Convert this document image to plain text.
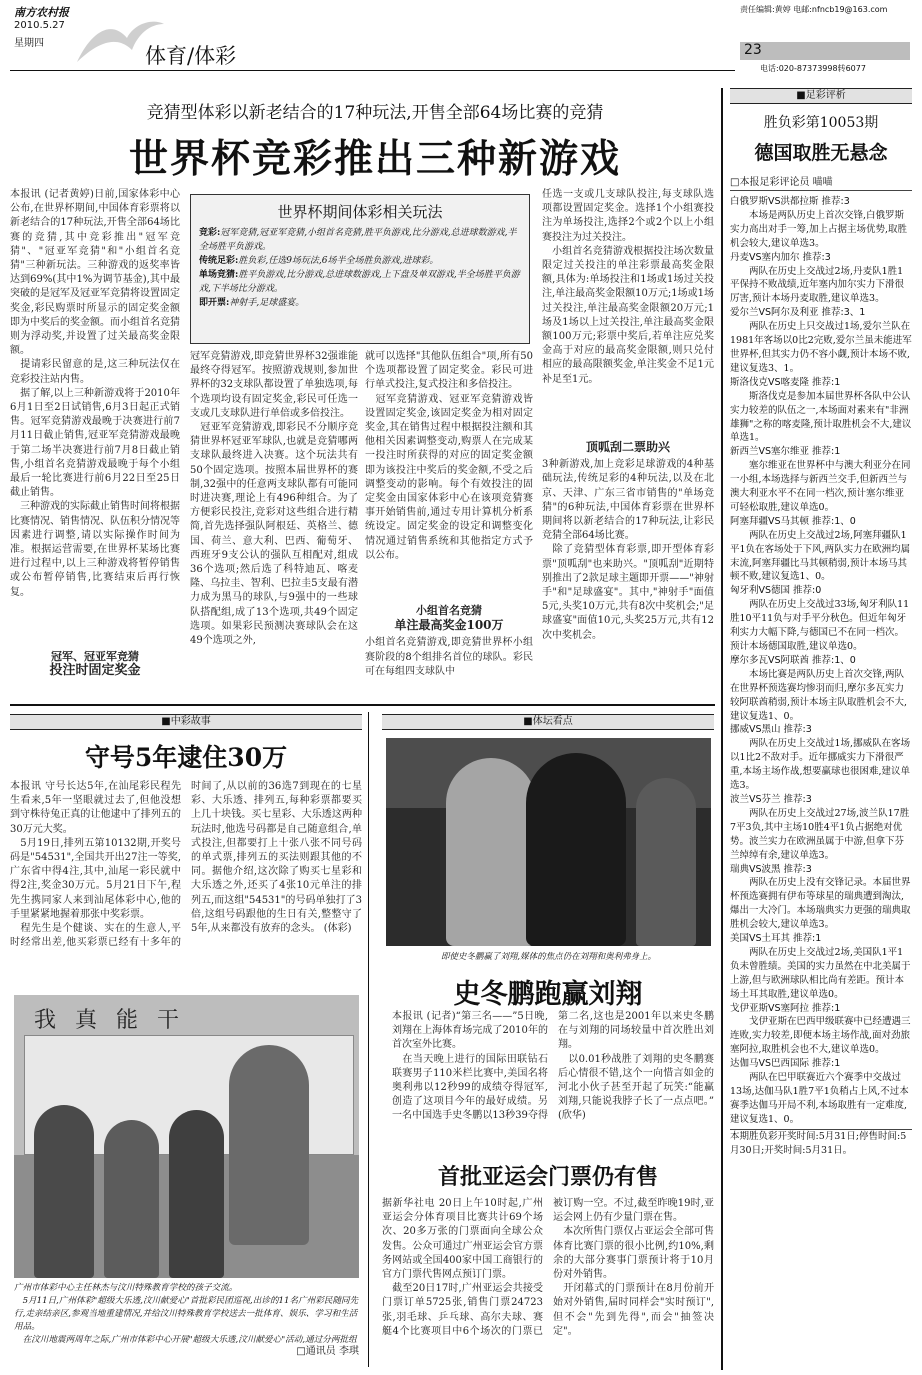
南方农村报
2010.5.27
星期四
体育/体彩
责任编辑:黄婷 电邮:nfncb19@163.com
23
电话:020-87373998转6077
竞猜型体彩以新老结合的17种玩法,开售全部64场比赛的竞猜
世界杯竞彩推出三种新游戏
本报讯 (记者黄婷)日前,国家体彩中心公布,在世界杯期间,中国体育彩票将以新老结合的17种玩法,开售全部64场比赛的竞猜,其中竞彩推出"冠军竞猜"、"冠亚军竞猜"和"小组首名竞猜"三种新玩法。三种游戏的返奖率皆达到69%(其中1%为调节基金),其中最突破的是冠军及冠亚军竞猜将设置固定奖金,彩民购票时所显示的固定奖金额即为中奖后的奖金额。而小组首名竞猜则为浮动奖,并设置了过关最高奖金限额。
　提请彩民留意的是,这三种玩法仅在竞彩投注站内售。
　据了解,以上三种新游戏将于2010年6月1日至2日试销售,6月3日起正式销售。冠军竞猜游戏最晚于决赛进行前7月11日截止销售,冠亚军竞猜游戏最晚于第二场半决赛进行前7月8日截止销售,小组首名竞猜游戏最晚于每个小组最后一轮比赛进行前6月22日至25日截止销售。
　三种游戏的实际截止销售时间将根据比赛情况、销售情况、队伍积分情况等因素进行调整,请以实际操作时间为准。根据运营需要,在世界杯某场比赛进行过程中,以上三种游戏将暂停销售或公布暂停销售,比赛结束后再行恢复。
冠军、冠亚军竞猜
投注时固定奖金
世界杯期间体彩相关玩法
竞彩:冠军竞猜,冠亚军竞猜,小组首名竞猜,胜平负游戏,比分游戏,总进球数游戏,半全场胜平负游戏。
传统足彩:胜负彩,任选9场玩法,6场半全场胜负游戏,进球彩。
单场竞猜:胜平负游戏,比分游戏,总进球数游戏,上下盘及单双游戏,半全场胜平负游戏,下半场比分游戏。
即开票:神射手,足球盛宴。
冠军竞猜游戏,即竞猜世界杯32强谁能最终夺得冠军。按照游戏规则,参加世界杯的32支球队都设置了单独选项,每个选项均设有固定奖金,彩民可任选一支或几支球队进行单倍或多倍投注。
　冠亚军竞猜游戏,即彩民不分顺序竞猜世界杯冠亚军球队,也就是竞猜哪两支球队最终进入决赛。这个玩法共有50个固定选项。按照本届世界杯的赛制,32强中的任意两支球队都有可能同时进决赛,理论上有496种组合。为了方便彩民投注,竞彩对这些组合进行精简,首先选择强队阿根廷、英格兰、德国、荷兰、意大利、巴西、葡萄牙、西班牙9支公认的强队互相配对,组成36个选项;然后选了科特迪瓦、喀麦隆、乌拉圭、智利、巴拉圭5支最有潜力成为黑马的球队,与9强中的一些球队搭配组,成了13个选项,共49个固定选项。如果彩民预测决赛球队会在这49个选项之外,
就可以选择"其他队伍组合"项,所有50个选项都设置了固定奖金。彩民可进行单式投注,复式投注和多倍投注。
　冠军竞猜游戏、冠亚军竞猜游戏皆设置固定奖金,该固定奖金为相对固定奖金,其在销售过程中根据投注额和其他相关因素调整变动,购票人在完成某一投注时所获得的对应的固定奖金额即为该投注中奖后的奖金额,不受之后调整变动的影响。每个有效投注的固定奖金由国家体彩中心在该项竞猜赛事开始销售前,通过专用计算机分析系统设定。固定奖金的设定和调整变化情况通过销售系统和其他指定方式予以公布。
小组首名竞猜
单注最高奖金100万
小组首名竞猜游戏,即竞猜世界杯小组赛阶段的8个组排名首位的球队。彩民可在每组四支球队中
任选一支或几支球队投注,每支球队选项都设置固定奖金。选择1个小组赛投注为单场投注,选择2个或2个以上小组赛投注为过关投注。
　小组首名竞猜游戏根据投注场次数量限定过关投注的单注彩票最高奖金限额,具体为:单场投注和1场或1场过关投注,单注最高奖金限额10万元;1场或1场过关投注,单注最高奖金限额20万元;1场及1场以上过关投注,单注最高奖金限额100万元;彩票中奖后,若单注应兑奖金高于对应的最高奖金限额,则只兑付相应的最高限额奖金,单注奖金不足1元补足至1元。
顶呱刮二票助兴
3种新游戏,加上竞彩足球游戏的4种基础玩法,传统足彩的4种玩法,以及在北京、天津、广东三省市销售的"单场竞猜"的6种玩法,中国体育彩票在世界杯期间将以新老结合的17种玩法,让彩民竞猜全部64场比赛。
　除了竞猜型体育彩票,即开型体育彩票"顶呱刮"也来助兴。"顶呱刮"近期特别推出了2款足球主题即开票——"神射手"和"足球盛宴"。其中,"神射手"面值5元,头奖10万元,共有8次中奖机会;"足球盛宴"面值10元,头奖25万元,共有12次中奖机会。
■足彩评析
胜负彩第10053期
德国取胜无悬念
□本报足彩评论员 喵喵
白俄罗斯VS洪都拉斯 推荐:3
本场是两队历史上首次交锋,白俄罗斯实力高出对手一筹,加上占据主场优势,取胜机会较大,建议单选3。
丹麦VS塞内加尔 推荐:3
两队在历史上交战过2场,丹麦队1胜1平保持不败战绩,近年塞内加尔实力下滑很厉害,预计本场丹麦取胜,建议单选3。
爱尔兰VS阿尔及利亚 推荐:3、1
两队在历史上只交战过1场,爱尔兰队在1981年客场以0比2完败,爱尔兰虽未能进军世界杯,但其实力仍不容小觑,预计本场不败,建议复选3、1。
斯洛伐克VS喀麦隆 推荐:1
斯洛伐克是参加本届世界杯各队中公认实力较差的队伍之一,本场面对素来有"非洲雄狮"之称的喀麦隆,预计取胜机会不大,建议单选1。
新西兰VS塞尔维亚 推荐:1
塞尔维亚在世界杯中与澳大利亚分在同一小组,本场选择与新西兰交手,但新西兰与澳大利亚水平不在同一档次,预计塞尔维亚可轻松取胜,建议单选0。
阿塞拜疆VS马其顿 推荐:1、0
两队在历史上交战过2场,阿塞拜疆队1平1负在客场处于下风,两队实力在欧洲均属末流,阿塞拜疆比马其顿稍弱,预计本场马其顿不败,建议复选1、0。
匈牙利VS德国 推荐:0
两队在历史上交战过33场,匈牙利队11胜10平11负与对手平分秋色。但近年匈牙利实力大幅下降,与德国已不在同一档次。预计本场德国取胜,建议单选0。
摩尔多瓦VS阿联酋 推荐:1、0
本场比赛是两队历史上首次交锋,两队在世界杯预选赛均惨羽而归,摩尔多瓦实力较阿联酋稍弱,预计本场主队取胜机会不大,建议复选1、0。
挪威VS黑山 推荐:3
两队在历史上交战过1场,挪威队在客场以1比2不敌对手。近年挪威实力下滑很严重,本场主场作战,想要赢球也很困难,建议单选3。
波兰VS芬兰 推荐:3
两队在历史上交战过27场,波兰队17胜7平3负,其中主场10胜4平1负占据绝对优势。波兰实力在欧洲虽属于中游,但拿下芬兰绰绰有余,建议单选3。
瑞典VS波黑 推荐:3
两队在历史上没有交锋记录。本届世界杯预选赛拥有伊布等球星的瑞典遭到淘汰,爆出一大冷门。本场瑞典实力更强的瑞典取胜机会较大,建议单选3。
美国VS土耳其 推荐:1
两队在历史上交战过2场,美国队1平1负未曾胜绩。美国的实力虽然在中北美属于上游,但与欧洲球队相比尚有差距。预计本场土耳其取胜,建议单选0。
戈伊亚斯VS塞阿拉 推荐:1
戈伊亚斯在巴西甲级联赛中已经遭遇三连败,实力较差,即便本场主场作战,面对劲旅塞阿拉,取胜机会也不大,建议单选0。
达伽马VS巴西国际 推荐:1
两队在巴甲联赛近六个赛季中交战过13场,达伽马队1胜7平1负稍占上风,不过本赛季达伽马开局不利,本场取胜有一定难度,建议复选1、0。
本期胜负彩开奖时间:5月31日;停售时间:5月30日;开奖时间:5月31日。
■中彩故事
守号5年逮住30万
本报讯 守号长达5年,在汕尾彩民程先生看来,5年一坚眼就过去了,但他没想到守株待兔正真的让他逮中了排列五的30万元大奖。
　5月19日,排列五第10132期,开奖号码是"54531",全国共开出27注一等奖,广东省中得4注,其中,汕尾一彩民就中得2注,奖金30万元。5月21日下午,程先生携同家人来到汕尾体彩中心,他的手里紧紧地握着那张中奖彩票。
　程先生是个健谈、实在的生意人,平时经常出差,他买彩票已经有十多年的时间了,从以前的36选7到现在的七星彩、大乐透、排列五,每种彩票都要买上几十块钱。买七星彩、大乐透这两种玩法时,他选号码都是自己随意组合,单式投注,但都要打上十张八张不同号码的单式票,排列五的买法则跟其他的不同。据他介绍,这次除了购买七星彩和大乐透之外,还买了4张10元单注的排列五,而这组"54531"的号码单独打了3倍,这组号码跟他的生日有关,整整守了5年,从来都没有放弃的念头。 (体彩)
我 真 能 干
广州市体彩中心主任林杰与汶川特殊教育学校的孩子交流。
　5月11日,广州体彩"超级大乐透,汶川献爱心"首批彩民团巡视,出诊的11名广州彩民随同先行,走亲结亲区,参观当地重建情况,并给汶川特殊教育学校送去一批体育、娱乐、学习和生活用品。
　在汶川地震两周年之际,广州市体彩中心开展"超级大乐透,汶川献爱心"活动,通过分两批组
□通讯员 李琪
■体坛看点
即使史冬鹏赢了刘翔,媒体的焦点仍在刘翔和奥利弗身上。
史冬鹏跑赢刘翔
本报讯 (记者)“第三名——”5日晚,刘翔在上海体育场完成了2010年的首次室外比赛。
　在当天晚上进行的国际田联钻石联赛男子110米栏比赛中,美国名将奥利弗以12秒99的成绩夺得冠军,创造了这项目今年的最好成绩。另一名中国选手史冬鹏以13秒39夺得第二名,这也是2001年以来史冬鹏在与刘翔的同场较量中首次胜出刘翔。
　以0.01秒战胜了刘翔的史冬鹏赛后心情很不错,这个一向惜言如金的河北小伙子甚至开起了玩笑:“能赢刘翔,只能说我脖子长了一点点吧。” (欣华)
首批亚运会门票仍有售
据新华社电 20日上午10时起,广州亚运会分体育项目比赛共计69个场次、20多万张的门票面向全球公众发售。公众可通过广州亚运会官方票务网站或全国400家中国工商银行的官方门票代售网点预订门票。
　截至20日17时,广州亚运会共接受门票订单5725张,销售门票24723张,羽毛球、乒乓球、高尔夫球、赛艇4个比赛项目中6个场次的门票已被订购一空。不过,截至昨晚19时,亚运会网上仍有少量门票在售。
　本次所售门票仅占亚运会全部可售体育比赛门票的很小比例,约10%,剩余的大部分赛事门票预计将于10月份对外销售。
　开闭幕式的门票预计在8月份前开始对外销售,届时同样会"实时预订",但不会"先到先得",而会"抽签决定"。
